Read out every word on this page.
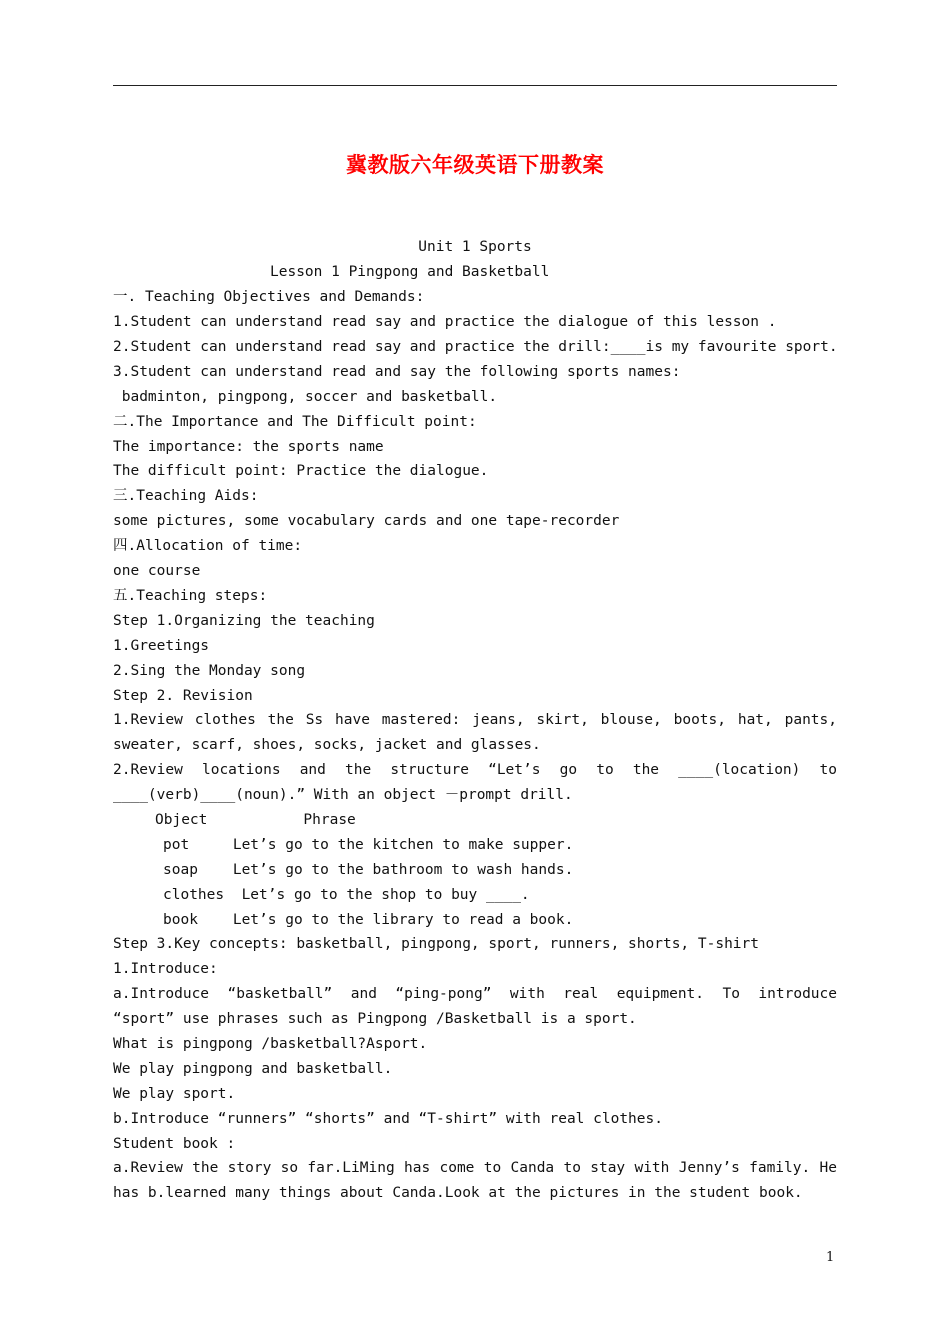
冀教版六年级英语下册教案
Unit 1 Sports
Lesson 1 Pingpong and Basketball
一. Teaching Objectives and Demands:
1.Student can understand read say and practice the dialogue of this lesson .
2.Student can understand read say and practice the drill:____is my favourite sport.
3.Student can understand read and say the following sports names:
badminton, pingpong, soccer and basketball.
二.The Importance and The Difficult point:
The importance: the sports name
The difficult point: Practice the dialogue.
三.Teaching Aids:
some pictures, some vocabulary cards and one tape-recorder
四.Allocation of time:
one course
五.Teaching steps:
Step 1.Organizing the teaching
1.Greetings
2.Sing the Monday song
Step 2. Revision
1.Review clothes the Ss have mastered: jeans, skirt, blouse, boots, hat, pants,
sweater, scarf, shoes, socks, jacket and glasses.
2.Review locations and the structure “Let’s go to the ____(location) to
____(verb)____(noun).” With an object －prompt drill.
Object           Phrase
pot     Let’s go to the kitchen to make supper.
soap    Let’s go to the bathroom to wash hands.
clothes  Let’s go to the shop to buy ____.
book    Let’s go to the library to read a book.
Step 3.Key concepts: basketball, pingpong, sport, runners, shorts, T-shirt
1.Introduce:
a.Introduce “basketball” and “ping-pong” with real equipment. To introduce
“sport” use phrases such as Pingpong /Basketball is a sport.
What is pingpong /basketball?Asport.
We play pingpong and basketball.
We play sport.
b.Introduce “runners” “shorts” and “T-shirt” with real clothes.
Student book :
a.Review the story so far.LiMing has come to Canda to stay with Jenny’s family. He
has b.learned many things about Canda.Look at the pictures in the student book.
1
